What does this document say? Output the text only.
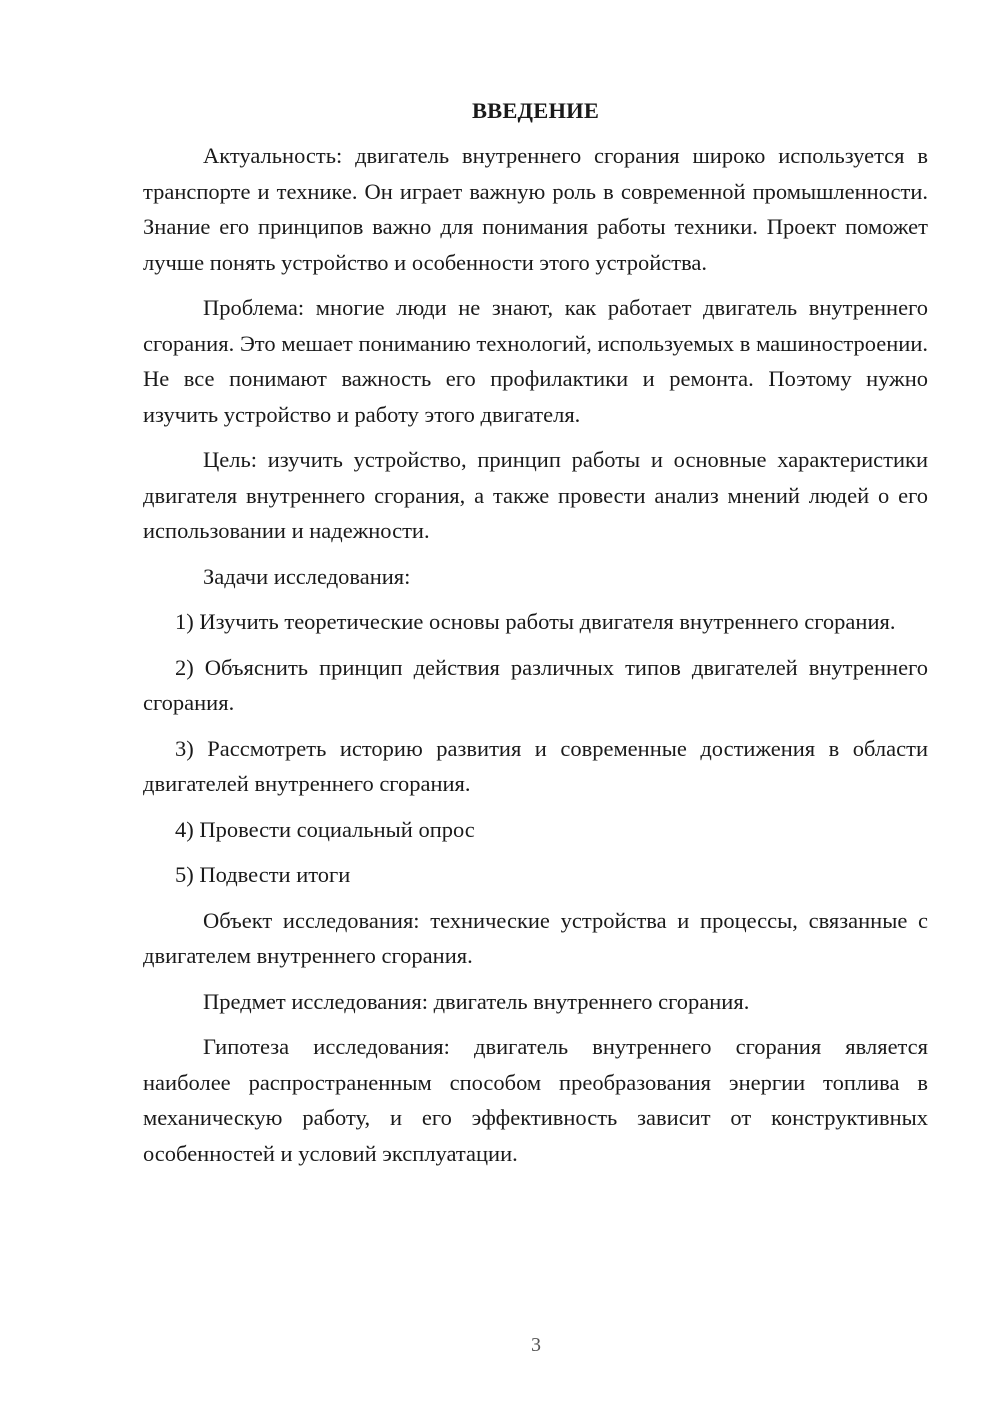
ВВЕДЕНИЕ

Актуальность: двигатель внутреннего сгорания широко используется в транспорте и технике. Он играет важную роль в современной промышленности. Знание его принципов важно для понимания работы техники. Проект поможет лучше понять устройство и особенности этого устройства.

Проблема: многие люди не знают, как работает двигатель внутреннего сгорания. Это мешает пониманию технологий, используемых в машиностроении. Не все понимают важность его профилактики и ремонта. Поэтому нужно изучить устройство и работу этого двигателя.

Цель: изучить устройство, принцип работы и основные характеристики двигателя внутреннего сгорания, а также провести анализ мнений людей о его использовании и надежности.

Задачи исследования:

1) Изучить теоретические основы работы двигателя внутреннего сгорания.

2) Объяснить принцип действия различных типов двигателей внутреннего сгорания.

3) Рассмотреть историю развития и современные достижения в области двигателей внутреннего сгорания.

4) Провести социальный опрос

5) Подвести итоги

Объект исследования: технические устройства и процессы, связанные с двигателем внутреннего сгорания.

Предмет исследования: двигатель внутреннего сгорания.

Гипотеза исследования: двигатель внутреннего сгорания является наиболее распространенным способом преобразования энергии топлива в механическую работу, и его эффективность зависит от конструктивных особенностей и условий эксплуатации.

3
